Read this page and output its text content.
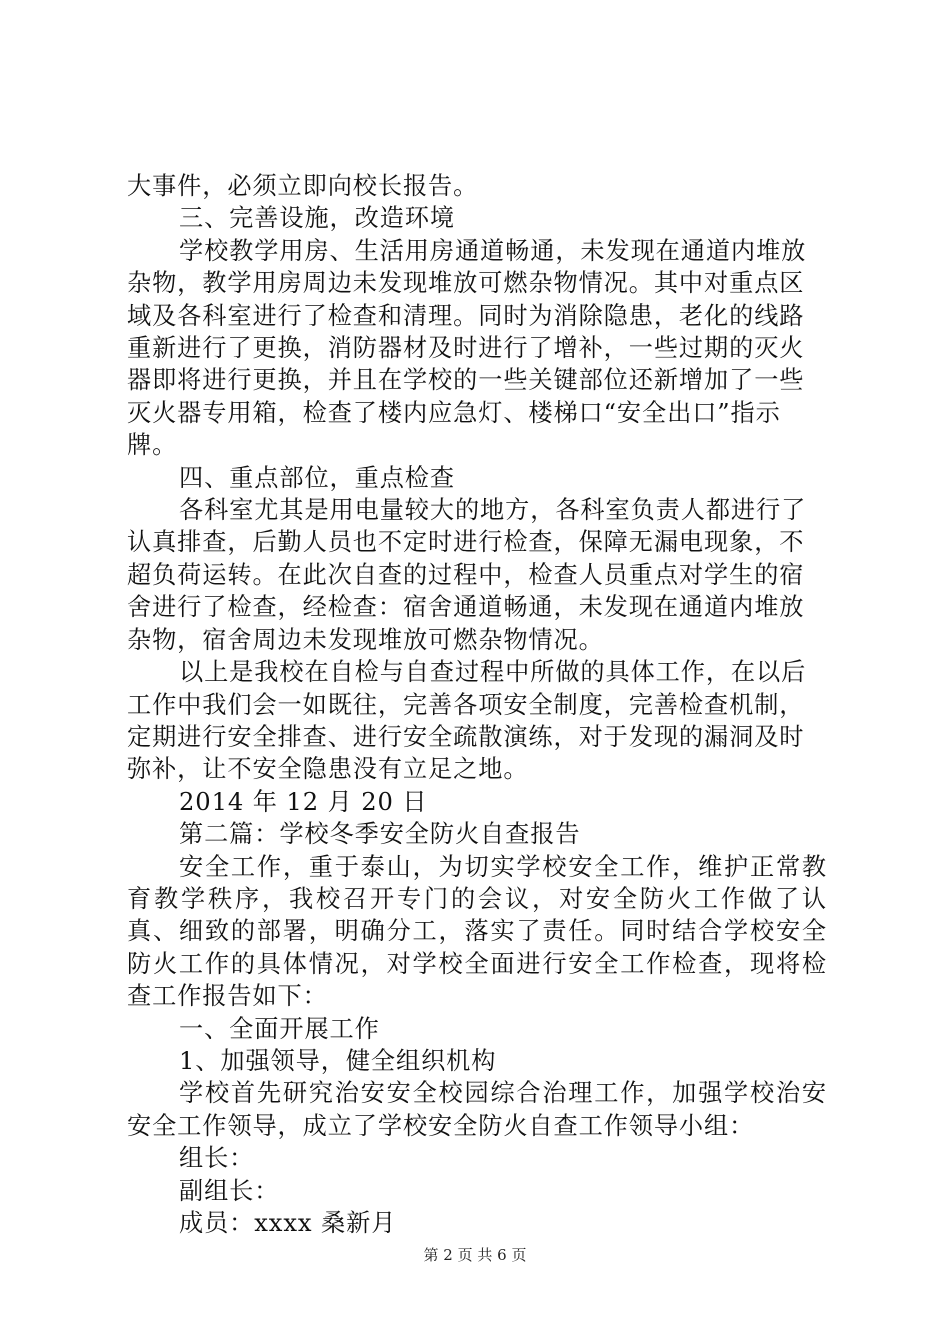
大事件，必须立即向校长报告。

三、完善设施，改造环境

学校教学用房、生活用房通道畅通，未发现在通道内堆放

杂物，教学用房周边未发现堆放可燃杂物情况。其中对重点区

域及各科室进行了检查和清理。同时为消除隐患，老化的线路

重新进行了更换，消防器材及时进行了增补，一些过期的灭火

器即将进行更换，并且在学校的一些关键部位还新增加了一些

灭火器专用箱，检查了楼内应急灯、楼梯口“安全出口”指示

牌。

四、重点部位，重点检查

各科室尤其是用电量较大的地方，各科室负责人都进行了

认真排查，后勤人员也不定时进行检查，保障无漏电现象，不

超负荷运转。在此次自查的过程中，检查人员重点对学生的宿

舍进行了检查，经检查：宿舍通道畅通，未发现在通道内堆放

杂物，宿舍周边未发现堆放可燃杂物情况。

以上是我校在自检与自查过程中所做的具体工作，在以后

工作中我们会一如既往，完善各项安全制度，完善检查机制，

定期进行安全排查、进行安全疏散演练，对于发现的漏洞及时

弥补，让不安全隐患没有立足之地。

2014 年 12 月 20 日

第二篇：学校冬季安全防火自查报告

安全工作，重于泰山，为切实学校安全工作，维护正常教育教学秩序，我校召开专门的会议，对安全防火工作做了认真、细致的部署，明确分工，落实了责任。同时结合学校安全防火工作的具体情况，对学校全面进行安全工作检查，现将检查工作报告如下：

一、全面开展工作

1、加强领导，健全组织机构

学校首先研究治安安全校园综合治理工作，加强学校治安安全工作领导，成立了学校安全防火自查工作领导小组：

组长：

副组长：

成员：xxxx 桑新月

第 2 页 共 6 页
